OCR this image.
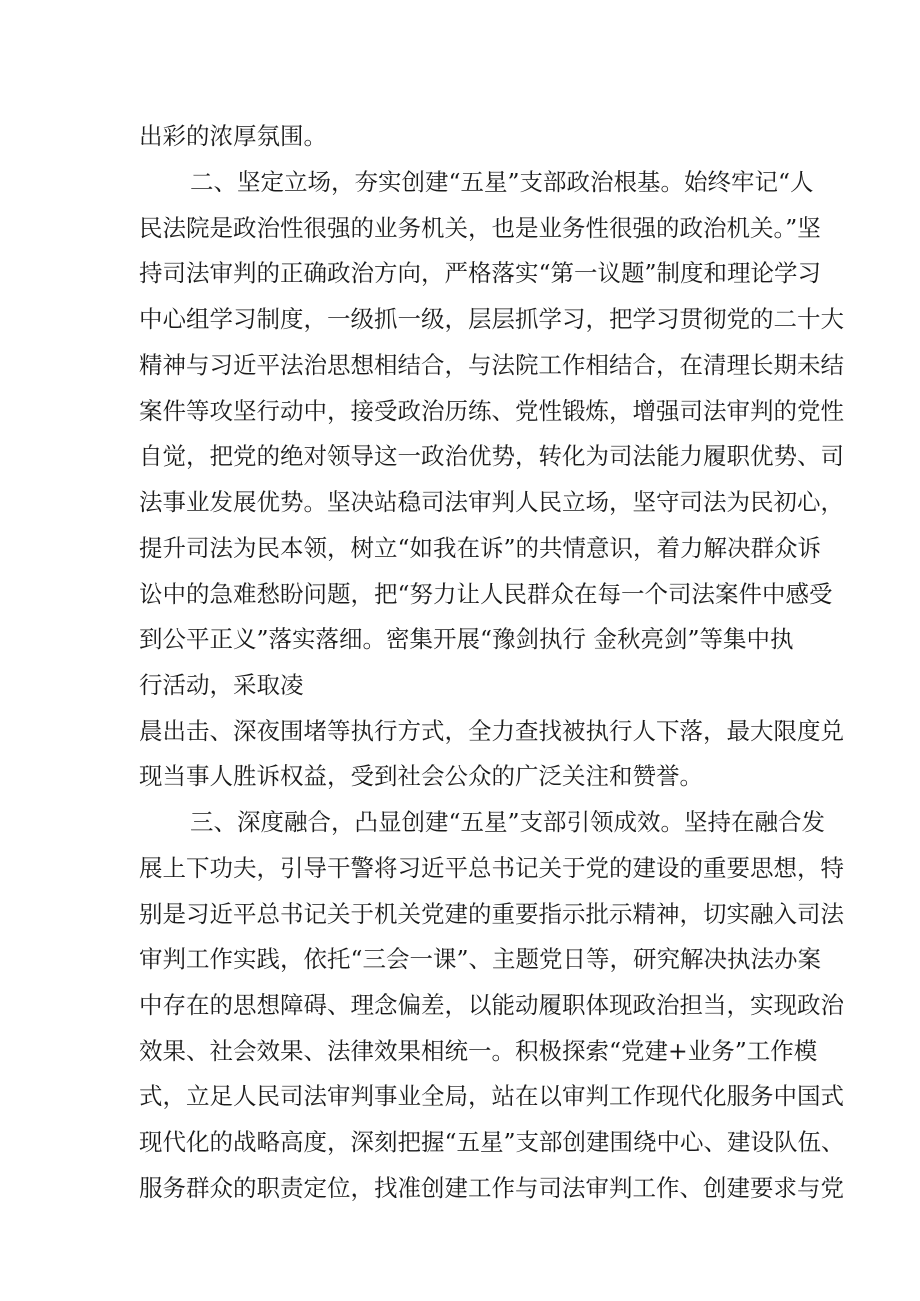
出彩的浓厚氛围。

二、坚定立场，夯实创建“五星”支部政治根基。始终牢记“人

民法院是政治性很强的业务机关，也是业务性很强的政治机关。”坚

持司法审判的正确政治方向，严格落实“第一议题”制度和理论学习

中心组学习制度，一级抓一级，层层抓学习，把学习贯彻党的二十大

精神与习近平法治思想相结合，与法院工作相结合，在清理长期未结

案件等攻坚行动中，接受政治历练、党性锻炼，增强司法审判的党性

自觉，把党的绝对领导这一政治优势，转化为司法能力履职优势、司

法事业发展优势。坚决站稳司法审判人民立场，坚守司法为民初心，

提升司法为民本领，树立“如我在诉”的共情意识，着力解决群众诉

讼中的急难愁盼问题，把“努力让人民群众在每一个司法案件中感受

到公平正义”落实落细。密集开展“豫剑执行 金秋亮剑”等集中执

行活动，采取凌

晨出击、深夜围堵等执行方式，全力查找被执行人下落，最大限度兑

现当事人胜诉权益，受到社会公众的广泛关注和赞誉。

三、深度融合，凸显创建“五星”支部引领成效。坚持在融合发

展上下功夫，引导干警将习近平总书记关于党的建设的重要思想，特

别是习近平总书记关于机关党建的重要指示批示精神，切实融入司法

审判工作实践，依托“三会一课”、主题党日等，研究解决执法办案

中存在的思想障碍、理念偏差，以能动履职体现政治担当，实现政治

效果、社会效果、法律效果相统一。积极探索“党建+业务”工作模

式，立足人民司法审判事业全局，站在以审判工作现代化服务中国式

现代化的战略高度，深刻把握“五星”支部创建围绕中心、建设队伍、

服务群众的职责定位，找准创建工作与司法审判工作、创建要求与党
